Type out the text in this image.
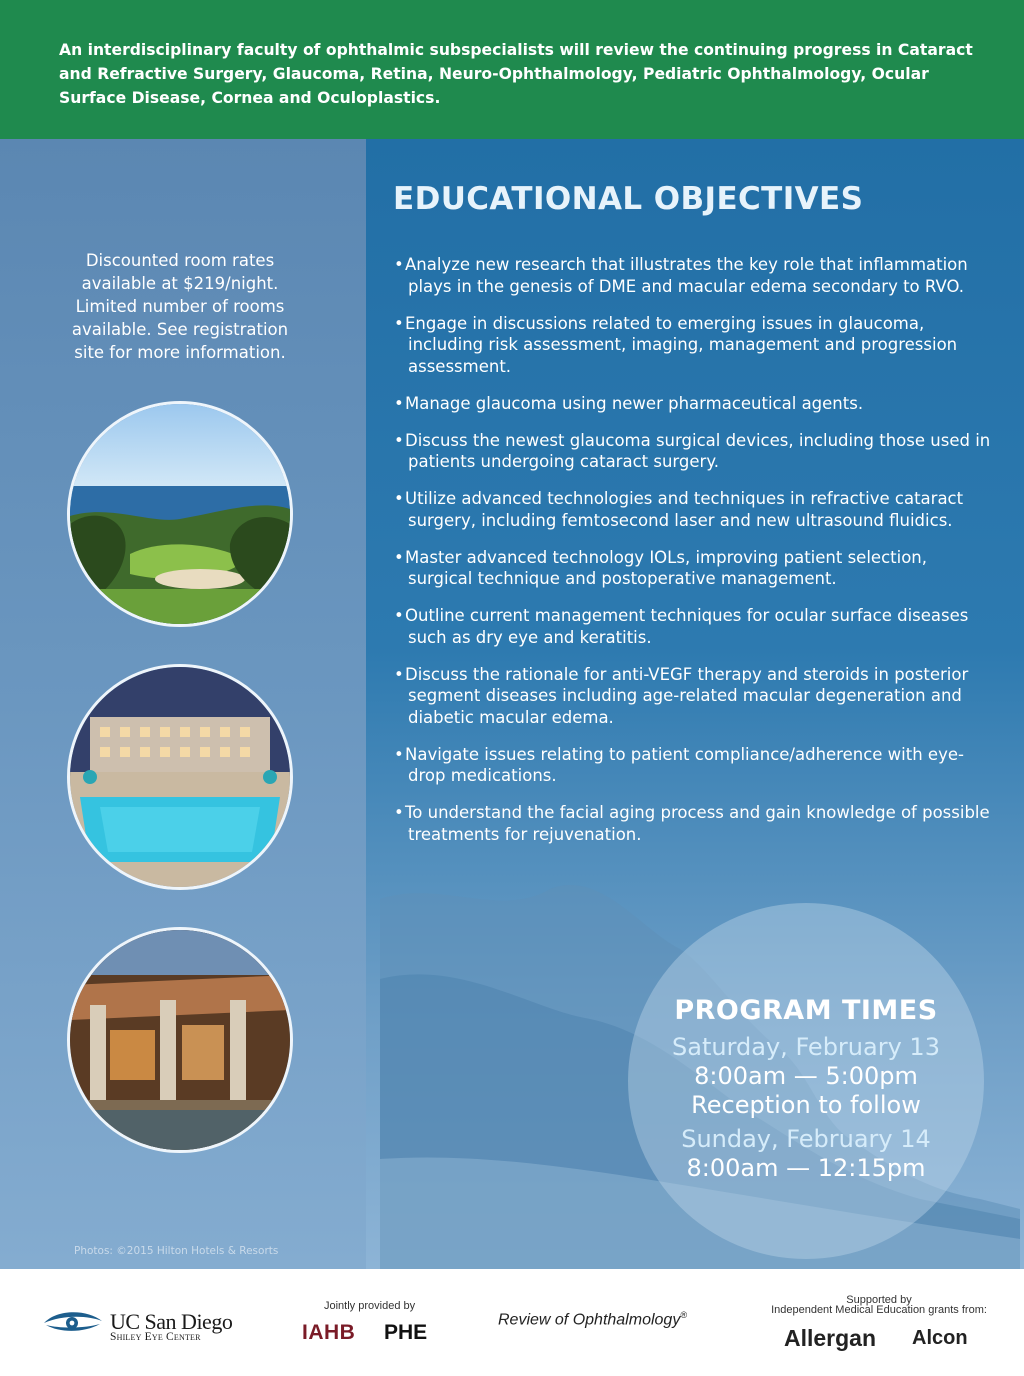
An interdisciplinary faculty of ophthalmic subspecialists will review the continuing progress in Cataract and Refractive Surgery, Glaucoma, Retina, Neuro-Ophthalmology, Pediatric Ophthalmology, Ocular Surface Disease, Cornea and Oculoplastics.
Discounted room rates
available at $219/night.
Limited number of rooms
available. See registration
site for more information.
Photos: ©2015 Hilton Hotels & Resorts
EDUCATIONAL OBJECTIVES
• Analyze new research that illustrates the key role that inflammation plays in the genesis of DME and macular edema secondary to RVO.
• Engage in discussions related to emerging issues in glaucoma, including risk assessment, imaging, management and progression assessment.
• Manage glaucoma using newer pharmaceutical agents.
• Discuss the newest glaucoma surgical devices, including those used in patients undergoing cataract surgery.
• Utilize advanced technologies and techniques in refractive cataract surgery, including femtosecond laser and new ultrasound fluidics.
• Master advanced technology IOLs, improving patient selection, surgical technique and postoperative management.
• Outline current management techniques for ocular surface diseases such as dry eye and keratitis.
• Discuss the rationale for anti-VEGF therapy and steroids in posterior segment diseases including age-related macular degeneration and diabetic macular edema.
• Navigate issues relating to patient compliance/adherence with eye-drop medications.
• To understand the facial aging process and gain knowledge of possible treatments for rejuvenation.
PROGRAM TIMES
Saturday, February 13
8:00am — 5:00pm
Reception to follow
Sunday, February 14
8:00am — 12:15pm
UC San Diego
Shiley Eye Center
Jointly provided by
IAHB PHE
Review of Ophthalmology®
Supported by
Independent Medical Education grants from:
Allergan Alcon
